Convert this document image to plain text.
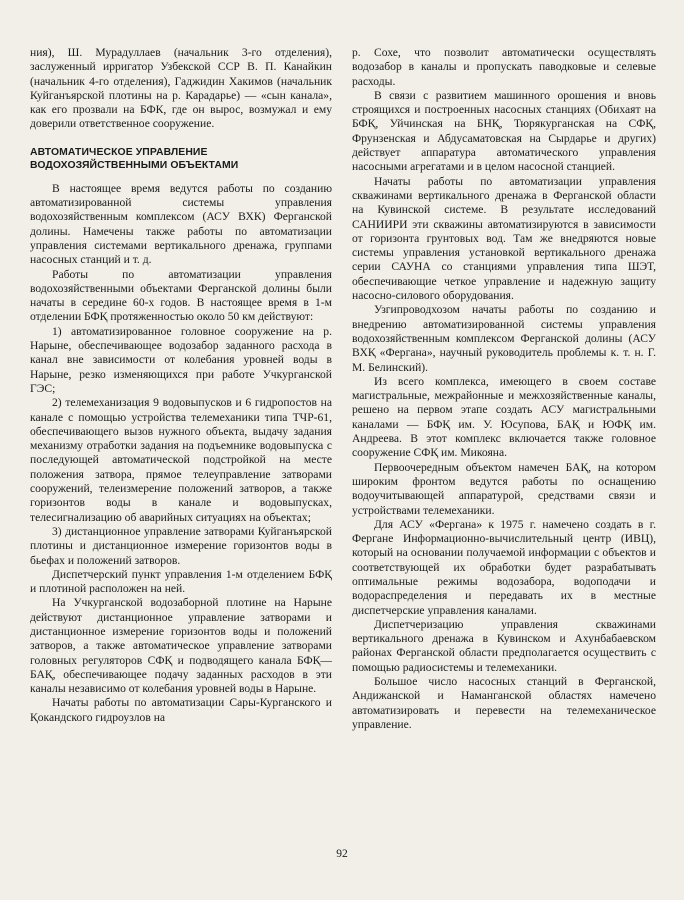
ния), Ш. Мурадуллаев (начальник 3-го отделения), заслуженный ирригатор Узбекской ССР В. П. Канайкин (начальник 4-го отделения), Гаджидин Хакимов (начальник Куйганъярской плотины на р. Карадарье) — «сын канала», как его прозвали на БФК, где он вырос, возмужал и ему доверили ответственное сооружение.

АВТОМАТИЧЕСКОЕ УПРАВЛЕНИЕ ВОДОХОЗЯЙСТВЕННЫМИ ОБЪЕКТАМИ

В настоящее время ведутся работы по созданию автоматизированной системы управления водохозяйственным комплексом (АСУ ВХК) Ферганской долины. Намечены также работы по автоматизации управления системами вертикального дренажа, группами насосных станций и т. д.

Работы по автоматизации управления водохозяйственными объектами Ферганской долины были начаты в середине 60-х годов. В настоящее время в 1-м отделении БФҚ протяженностью около 50 км действуют:

1) автоматизированное головное сооружение на р. Нарыне, обеспечивающее водозабор заданного расхода в канал вне зависимости от колебания уровней воды в Нарыне, резко изменяющихся при работе Учкурганской ГЭС;

2) телемеханизация 9 водовыпусков и 6 гидропостов на канале с помощью устройства телемеханики типа ТЧР-61, обеспечивающего вызов нужного объекта, выдачу задания механизму отработки задания на подъемнике водовыпуска с последующей автоматической подстройкой на месте положения затвора, прямое телеуправление затворами сооружений, телеизмерение положений затворов, а также горизонтов воды в канале и водовыпусках, телесигнализацию об аварийных ситуациях на объектах;

3) дистанционное управление затворами Куйганъярской плотины и дистанционное измерение горизонтов воды в бьефах и положений затворов.

Диспетчерский пункт управления 1-м отделением БФҚ и плотиной расположен на ней.

На Учкурганской водозаборной плотине на Нарыне действуют дистанционное управление затворами и дистанционное измерение горизонтов воды и положений затворов, а также автоматическое управление затворами головных регуляторов СФҚ и подводящего канала БФҚ—БАҚ, обеспечивающее подачу заданных расходов в эти каналы независимо от колебания уровней воды в Нарыне.

Начаты работы по автоматизации Сары-Курганского и Қокандского гидроузлов на

р. Сохе, что позволит автоматически осуществлять водозабор в каналы и пропускать паводковые и селевые расходы.

В связи с развитием машинного орошения и вновь строящихся и построенных насосных станциях (Обихаят на БФҚ, Уйчинская на БНҚ, Тюрякурганская на СФҚ, Фрунзенская и Абдусаматовская на Сырдарье и других) действует аппаратура автоматического управления насосными агрегатами и в целом насосной станцией.

Начаты работы по автоматизации управления скважинами вертикального дренажа в Ферганской области на Кувинской системе. В результате исследований САНИИРИ эти скважины автоматизируются в зависимости от горизонта грунтовых вод. Там же внедряются новые системы управления установкой вертикального дренажа серии САУНА со станциями управления типа ШЭТ, обеспечивающие четкое управление и надежную защиту насосно-силового оборудования.

Узгипроводхозом начаты работы по созданию и внедрению автоматизированной системы управления водохозяйственным комплексом Ферганской долины (АСУ ВХҚ «Фергана», научный руководитель проблемы к. т. н. Г. М. Белинский).

Из всего комплекса, имеющего в своем составе магистральные, межрайонные и межхозяйственные каналы, решено на первом этапе создать АСУ магистральными каналами — БФҚ им. У. Юсупова, БАҚ и ЮФҚ им. Андреева. В этот комплекс включается также головное сооружение СФҚ им. Микояна.

Первоочередным объектом намечен БАҚ, на котором широким фронтом ведутся работы по оснащению водоучитывающей аппаратурой, средствами связи и устройствами телемеханики.

Для АСУ «Фергана» к 1975 г. намечено создать в г. Фергане Информационно-вычислительный центр (ИВЦ), который на основании получаемой информации с объектов и соответствующей их обработки будет разрабатывать оптимальные режимы водозабора, водоподачи и водораспределения и передавать их в местные диспетчерские управления каналами.

Диспетчеризацию управления скважинами вертикального дренажа в Кувинском и Ахунбабаевском районах Ферганской области предполагается осуществить с помощью радиосистемы и телемеханики.

Большое число насосных станций в Ферганской, Андижанской и Наманганской областях намечено автоматизировать и перевести на телемеханическое управление.

92
